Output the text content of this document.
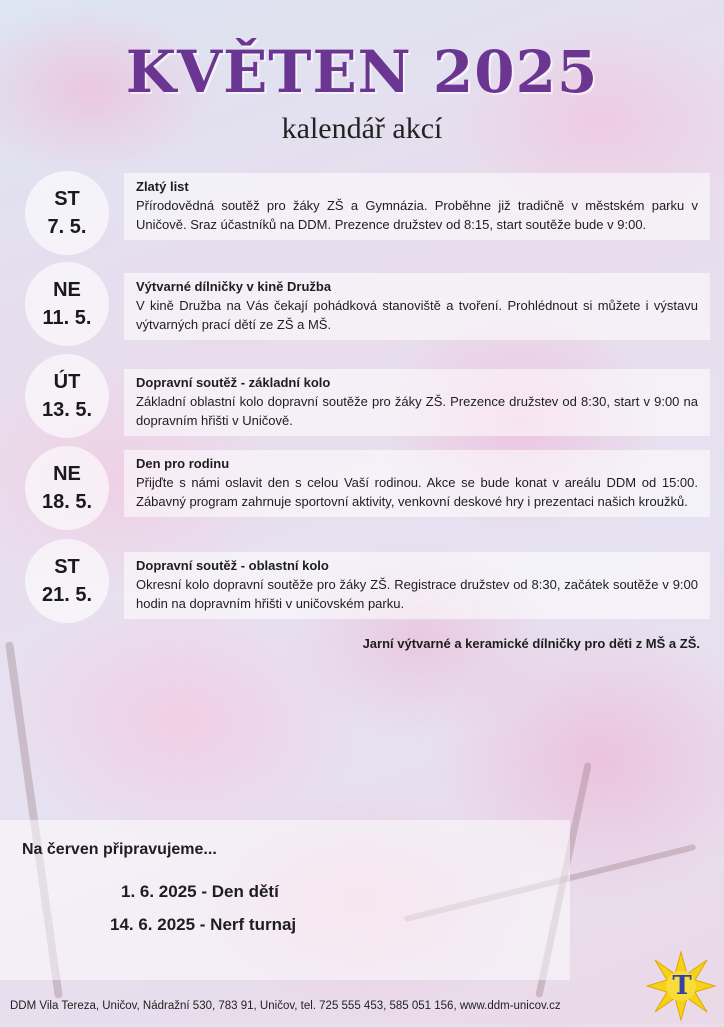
KVĚTEN 2025
kalendář akcí
ST
7. 5.
Zlatý list
Přírodovědná soutěž pro žáky ZŠ a Gymnázia. Proběhne již tradičně v městském parku v Uničově. Sraz účastníků na DDM. Prezence družstev od 8:15, start soutěže bude v 9:00.
NE
11. 5.
Výtvarné dílničky v kině Družba
V kině Družba na Vás čekají pohádková stanoviště a tvoření. Prohlédnout si můžete i výstavu výtvarných prací dětí ze ZŠ a MŠ.
ÚT
13. 5.
Dopravní soutěž - základní kolo
Základní oblastní kolo dopravní soutěže pro žáky ZŠ. Prezence družstev od 8:30, start v 9:00 na dopravním hřišti v Uničově.
NE
18. 5.
Den pro rodinu
Přijďte s námi oslavit den s celou Vaší rodinou. Akce se bude konat v areálu DDM od 15:00. Zábavný program zahrnuje sportovní aktivity, venkovní deskové hry i prezentaci našich kroužků.
ST
21. 5.
Dopravní soutěž - oblastní kolo
Okresní kolo dopravní soutěže pro žáky ZŠ. Registrace družstev od 8:30, začátek soutěže v 9:00 hodin na dopravním hřišti v uničovském parku.
Jarní výtvarné a keramické dílničky pro děti z MŠ a ZŠ.
Na červen připravujeme...
1. 6. 2025 - Den dětí
14. 6. 2025 - Nerf turnaj
DDM Vila Tereza, Uničov, Nádražní 530, 783 91, Uničov, tel. 725 555 453, 585 051 156, www.ddm-unicov.cz
T
